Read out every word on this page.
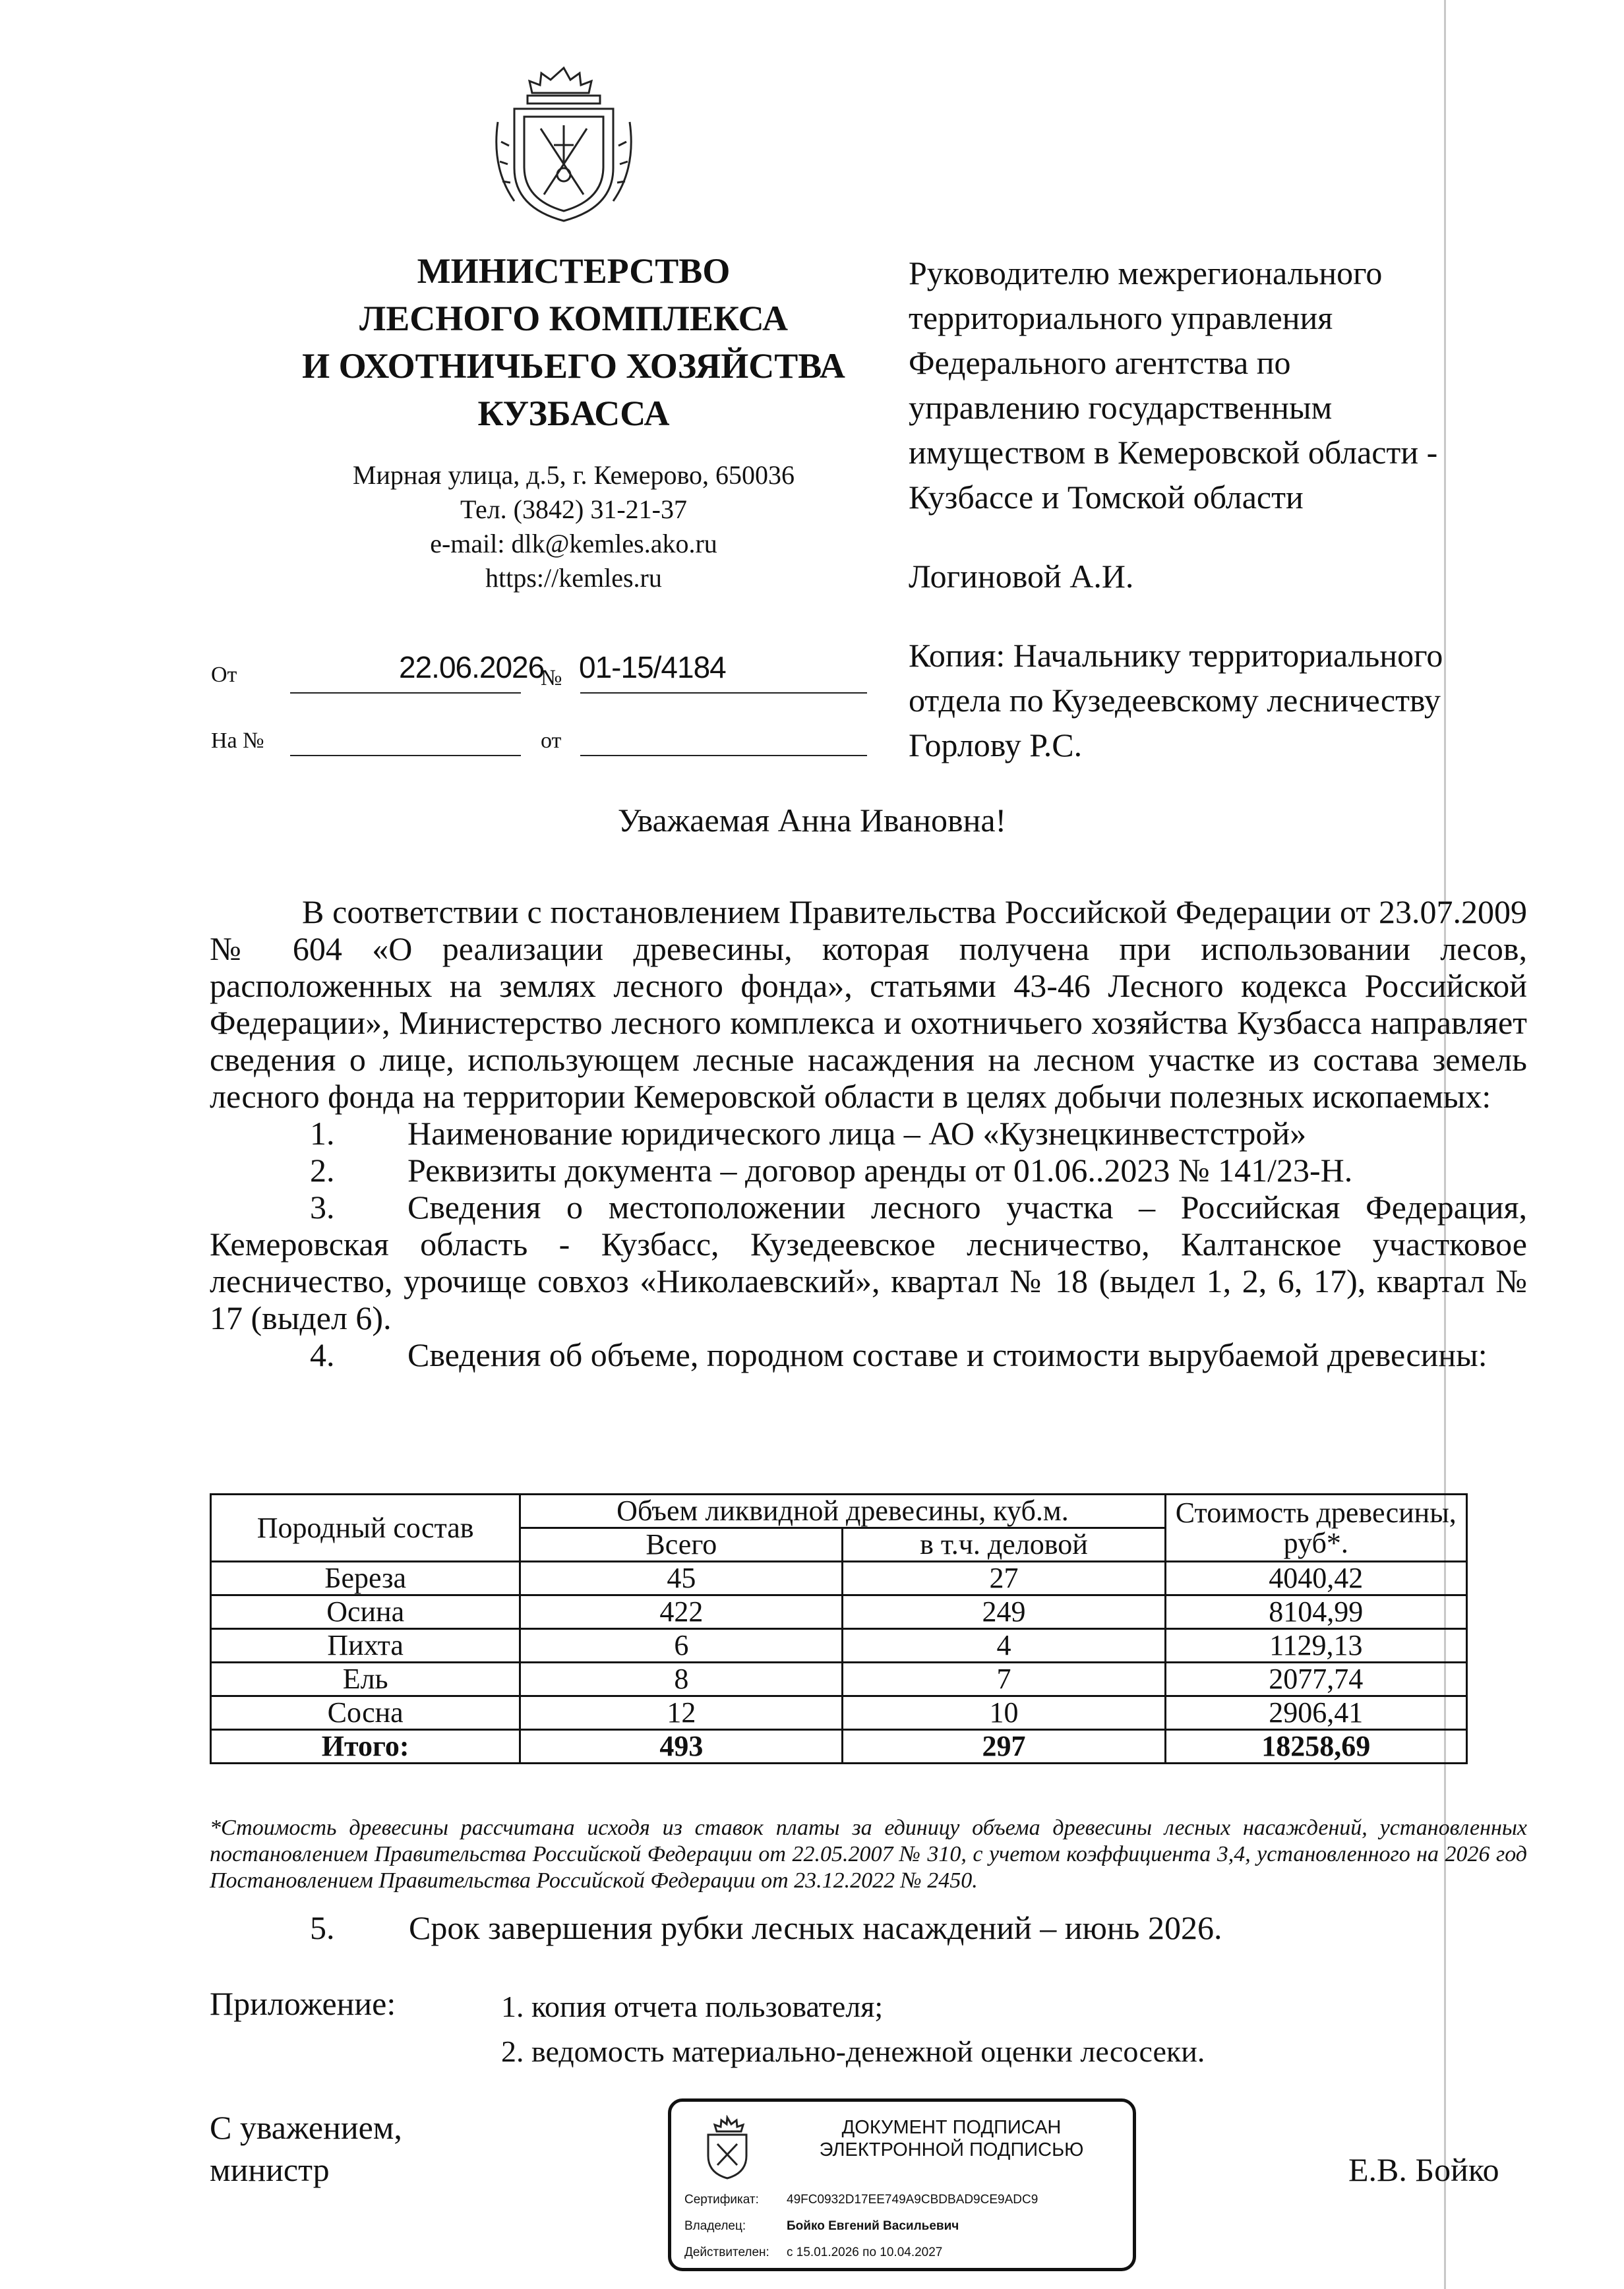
МИНИСТЕРСТВО
ЛЕСНОГО КОМПЛЕКСА
И ОХОТНИЧЬЕГО ХОЗЯЙСТВА
КУЗБАССА
Мирная улица, д.5, г. Кемерово, 650036
Тел. (3842) 31-21-37
e-mail: dlk@kemles.ako.ru
https://kemles.ru
От	22.06.2026
№ 01-15/4184
На №	от
Руководителю межрегионального
территориального управления
Федерального агентства по
управлению государственным
имуществом в Кемеровской области -
Кузбассе и Томской области
Логиновой А.И.
Копия: Начальнику территориального
отдела по Кузедеевскому лесничеству
Горлову Р.С.
Уважаемая Анна Ивановна!

В соответствии с постановлением Правительства Российской Федерации от 23.07.2009 № 604 «О реализации древесины, которая получена при использовании лесов, расположенных на землях лесного фонда», статьями 43-46 Лесного кодекса Российской Федерации», Министерство лесного комплекса и охотничьего хозяйства Кузбасса направляет сведения о лице, использующем лесные насаждения на лесном участке из состава земель лесного фонда на территории Кемеровской области в целях добычи полезных ископаемых:

1. Наименование юридического лица – АО «Кузнецкинвестстрой»

2. Реквизиты документа – договор аренды от 01.06..2023 № 141/23-Н.

3. Сведения о местоположении лесного участка – Российская Федерация, Кемеровская область - Кузбасс, Кузедеевское лесничество, Калтанское участковое лесничество, урочище совхоз «Николаевский», квартал № 18 (выдел 1, 2, 6, 17), квартал № 17 (выдел 6).

4. Сведения об объеме, породном составе и стоимости вырубаемой древесины:

Породный состав	Объем ликвидной древесины, куб.м.		Стоимость древесины, руб*.
	Всего	в т.ч. деловой	
Береза	45	27	4040,42
Осина	422	249	8104,99
Пихта	6	4	1129,13
Ель	8	7	2077,74
Сосна	12	10	2906,41
Итого:	493	297	18258,69
*Стоимость древесины рассчитана исходя из ставок платы за единицу объема древесины лесных насаждений, установленных постановлением Правительства Российской Федерации от 22.05.2007 № 310, с учетом коэффициента 3,4, установленного на 2026 год Постановлением Правительства Российской Федерации от 23.12.2022 № 2450.
5. Срок завершения рубки лесных насаждений – июнь 2026.
Приложение:	1. копия отчета пользователя;
2. ведомость материально-денежной оценки лесосеки.
С уважением,
министр	Е.В. Бойко
ДОКУМЕНТ ПОДПИСАН
ЭЛЕКТРОННОЙ ПОДПИСЬЮ
Сертификат: 49FC0932D17EE749A9CBDBAD9CE9ADC9
Владелец:	Бойко Евгений Васильевич
Действителен: с 15.01.2026 по 10.04.2027
